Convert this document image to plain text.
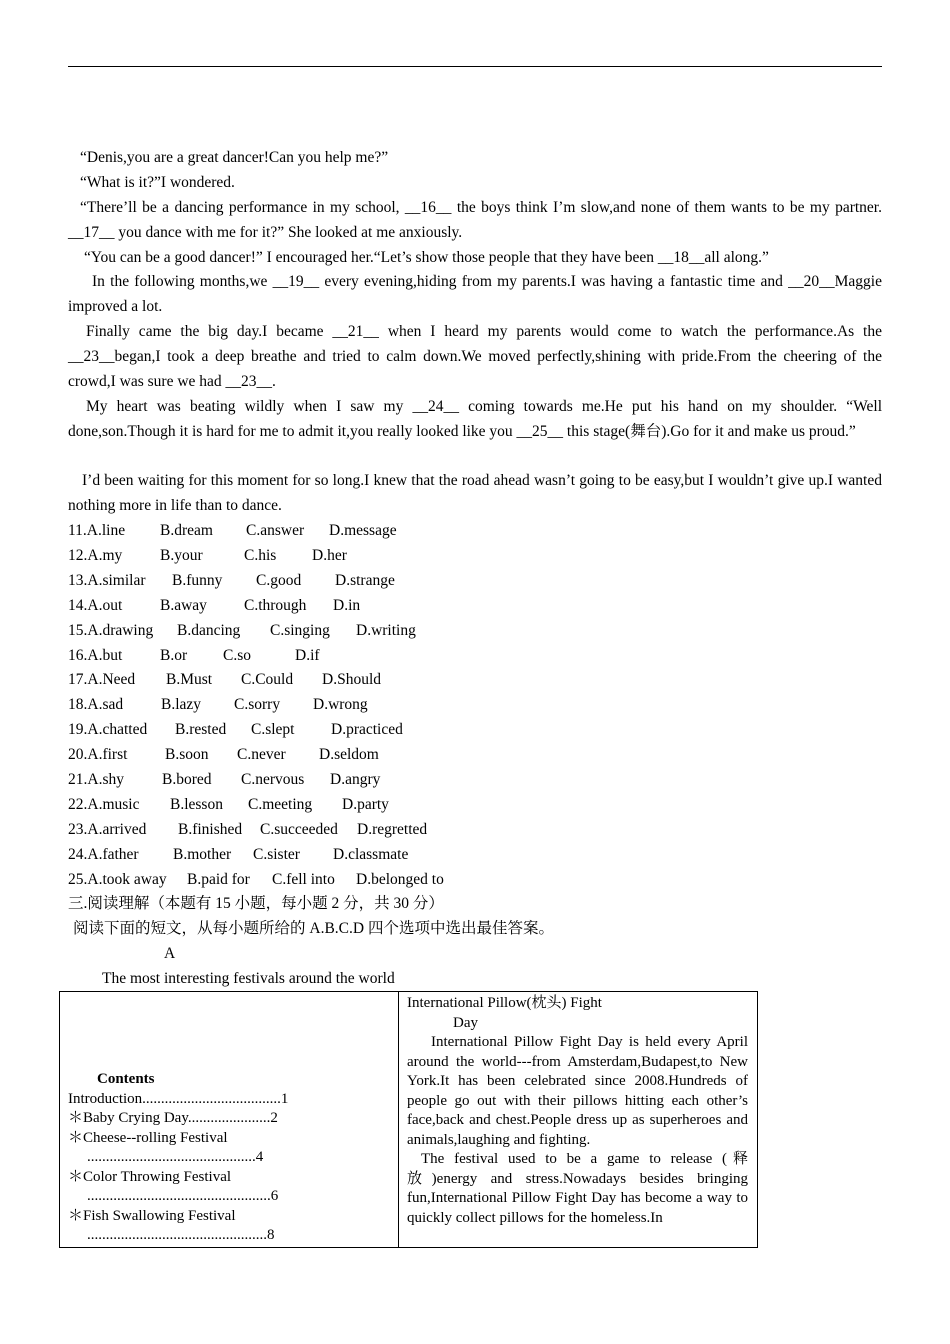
“Denis,you are a great dancer!Can you help me?”
“What is it?”I wondered.
“There’ll be a dancing performance in my school, __16__ the boys think I’m slow,and none of them wants to be my partner. __17__ you dance with me for it?” She looked at me anxiously.
“You can be a good dancer!” I encouraged her.“Let’s show those people that they have been __18__all along.”
In the following months,we __19__ every evening,hiding from my parents.I was having a fantastic time and __20__Maggie improved a lot.
Finally came the big day.I became __21__ when I heard my parents would come to watch the performance.As the __23__began,I took a deep breathe and tried to calm down.We moved perfectly,shining with pride.From the cheering of the crowd,I was sure we had __23__.
My heart was beating wildly when I saw my __24__ coming towards me.He put his hand on my shoulder. “Well done,son.Though it is hard for me to admit it,you really looked like you __25__ this stage(舞台).Go for it and make us proud.”
I’d been waiting for this moment for so long.I knew that the road ahead wasn’t going to be easy,but I wouldn’t give up.I wanted nothing more in life than to dance.
11.A.line	B.dream	C.answer	D.message
12.A.my	B.your	C.his	D.her
13.A.similar	B.funny	C.good	D.strange
14.A.out	B.away	C.through	D.in
15.A.drawing	B.dancing	C.singing	D.writing
16.A.but	B.or	C.so	D.if
17.A.Need	B.Must	C.Could	D.Should
18.A.sad	B.lazy	C.sorry	D.wrong
19.A.chatted	B.rested	C.slept	D.practiced
20.A.first	B.soon	C.never	D.seldom
21.A.shy	B.bored	C.nervous	D.angry
22.A.music	B.lesson	C.meeting	D.party
23.A.arrived	B.finished	C.succeeded	D.regretted
24.A.father	B.mother	C.sister	D.classmate
25.A.took away	B.paid for	C.fell into	D.belonged to
三.阅读理解（本题有 15 小题，每小题 2 分，共 30 分）
阅读下面的短文，从每小题所给的 A.B.C.D 四个选项中选出最佳答案。
A
The most interesting festivals around the world
Contents
Introduction.....................................1
＊Baby Crying Day......................2
＊Cheese--rolling Festival
.............................................4
＊Color Throwing Festival
.................................................6
＊Fish Swallowing Festival
................................................8

International Pillow(枕头) Fight
Day
International Pillow Fight Day is held every April around the world---from Amsterdam,Budapest,to New York.It has been celebrated since 2008.Hundreds of people go out with their pillows hitting each other’s face,back and chest.People dress up as superheroes and animals,laughing and fighting.
The festival used to be a game to release (释放)energy and stress.Nowadays besides bringing fun,International Pillow Fight Day has become a way to quickly collect pillows for the homeless.In
